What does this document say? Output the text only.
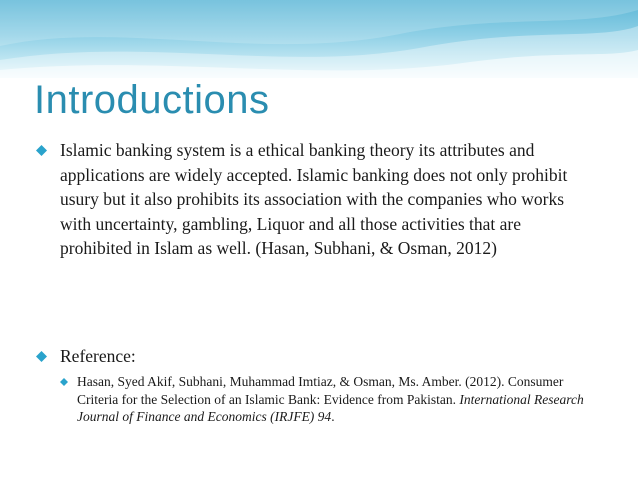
Introductions
Islamic banking system is a ethical banking theory its attributes and applications are widely accepted. Islamic banking does not only prohibit usury but it also prohibits its association with the companies who works with uncertainty, gambling, Liquor and all those activities that are prohibited in Islam as well. (Hasan, Subhani, & Osman, 2012)
Reference:
Hasan, Syed Akif, Subhani, Muhammad Imtiaz, & Osman, Ms. Amber. (2012). Consumer Criteria for the Selection of an Islamic Bank: Evidence from Pakistan. International Research Journal of Finance and Economics (IRJFE) 94.
